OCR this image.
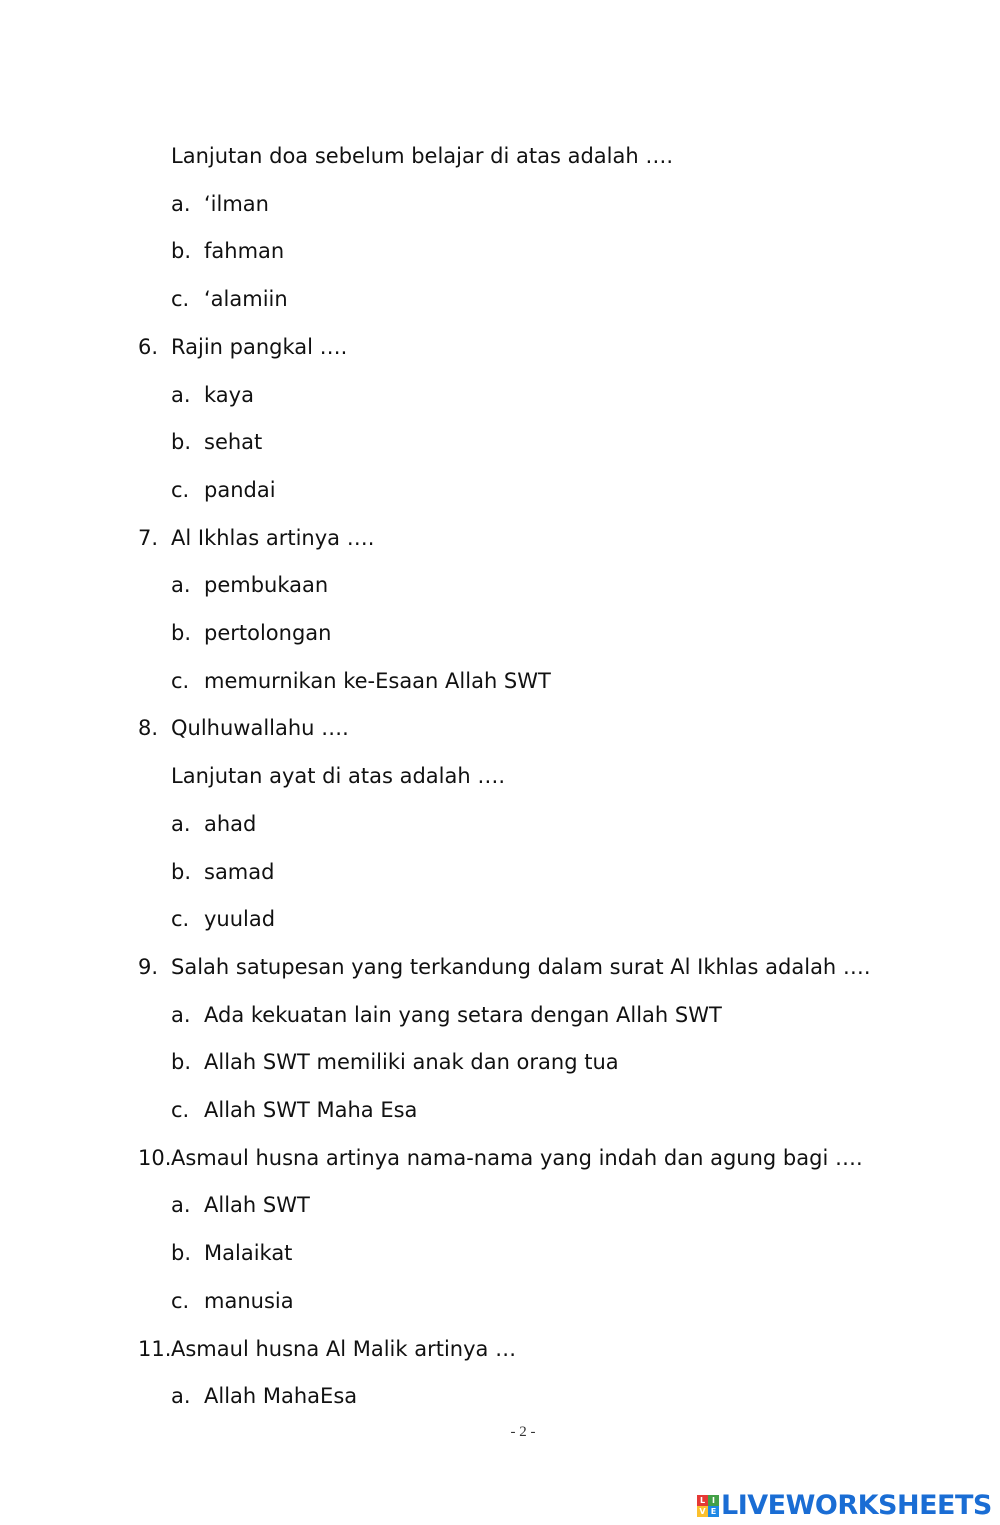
Lanjutan doa sebelum belajar di atas adalah ….
a. ‘ilman
b. fahman
c. ‘alamiin
6. Rajin pangkal ….
a. kaya
b. sehat
c. pandai
7. Al Ikhlas artinya ….
a. pembukaan
b. pertolongan
c. memurnikan ke-Esaan Allah SWT
8. Qulhuwallahu ….
Lanjutan ayat di atas adalah ….
a. ahad
b. samad
c. yuulad
9. Salah satupesan yang terkandung dalam surat Al Ikhlas adalah ….
a. Ada kekuatan lain yang setara dengan Allah SWT
b. Allah SWT memiliki anak dan orang tua
c. Allah SWT Maha Esa
10. Asmaul husna artinya nama-nama yang indah dan agung bagi ….
a. Allah SWT
b. Malaikat
c. manusia
11. Asmaul husna Al Malik artinya …
a. Allah MahaEsa
- 2 -
L I
V E LIVEWORKSHEETS
